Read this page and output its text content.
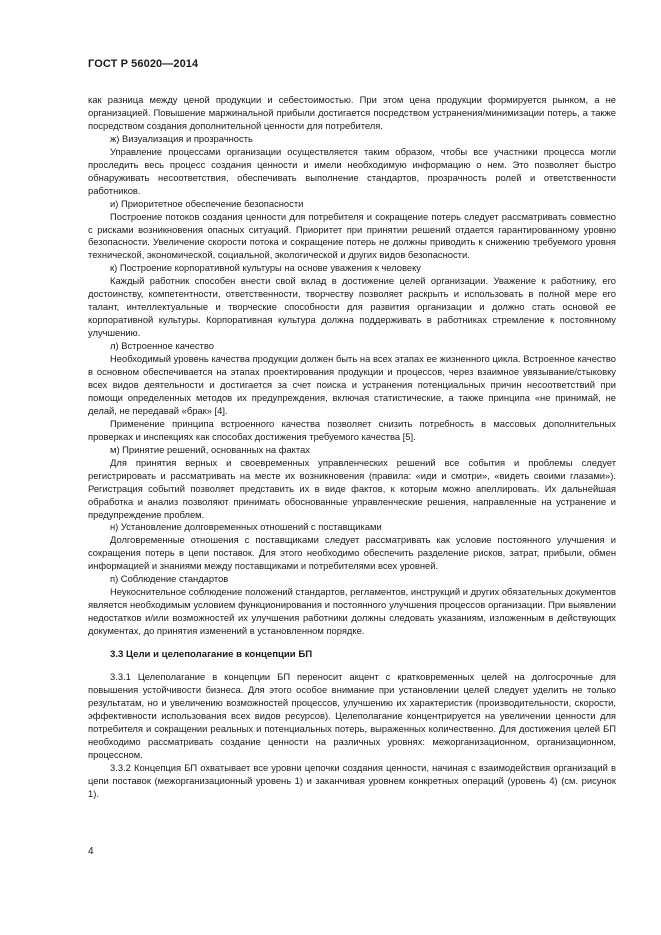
ГОСТ Р 56020—2014

как разница между ценой продукции и себестоимостью. При этом цена продукции формируется рынком, а не организацией. Повышение маржинальной прибыли достигается посредством устранения/минимизации потерь, а также посредством создания дополнительной ценности для потребителя.

ж) Визуализация и прозрачность

Управление процессами организации осуществляется таким образом, чтобы все участники процесса могли проследить весь процесс создания ценности и имели необходимую информацию о нем. Это позволяет быстро обнаруживать несоответствия, обеспечивать выполнение стандартов, прозрачность ролей и ответственности работников.

и) Приоритетное обеспечение безопасности

Построение потоков создания ценности для потребителя и сокращение потерь следует рассматривать совместно с рисками возникновения опасных ситуаций. Приоритет при принятии решений отдается гарантированному уровню безопасности. Увеличение скорости потока и сокращение потерь не должны приводить к снижению требуемого уровня технической, экономической, социальной, экологической и других видов безопасности.

к) Построение корпоративной культуры на основе уважения к человеку

Каждый работник способен внести свой вклад в достижение целей организации. Уважение к работнику, его достоинству, компетентности, ответственности, творчеству позволяет раскрыть и использовать в полной мере его талант, интеллектуальные и творческие способности для развития организации и должно стать основой ее корпоративной культуры. Корпоративная культура должна поддерживать в работниках стремление к постоянному улучшению.

л) Встроенное качество

Необходимый уровень качества продукции должен быть на всех этапах ее жизненного цикла. Встроенное качество в основном обеспечивается на этапах проектирования продукции и процессов, через взаимное увязывание/стыковку всех видов деятельности и достигается за счет поиска и устранения потенциальных причин несоответствий при помощи определенных методов их предупреждения, включая статистические, а также принципа «не принимай, не делай, не передавай «брак» [4].

Применение принципа встроенного качества позволяет снизить потребность в массовых дополнительных проверках и инспекциях как способах достижения требуемого качества [5].

м) Принятие решений, основанных на фактах

Для принятия верных и своевременных управленческих решений все события и проблемы следует регистрировать и рассматривать на месте их возникновения (правила: «иди и смотри», «видеть своими глазами»). Регистрация событий позволяет представить их в виде фактов, к которым можно апеллировать. Их дальнейшая обработка и анализ позволяют принимать обоснованные управленческие решения, направленные на устранение и предупреждение проблем.

н) Установление долговременных отношений с поставщиками

Долговременные отношения с поставщиками следует рассматривать как условие постоянного улучшения и сокращения потерь в цепи поставок. Для этого необходимо обеспечить разделение рисков, затрат, прибыли, обмен информацией и знаниями между поставщиками и потребителями всех уровней.

п) Соблюдение стандартов

Неукоснительное соблюдение положений стандартов, регламентов, инструкций и других обязательных документов является необходимым условием функционирования и постоянного улучшения процессов организации. При выявлении недостатков и/или возможностей их улучшения работники должны следовать указаниям, изложенным в действующих документах, до принятия изменений в установленном порядке.

3.3 Цели и целеполагание в концепции БП

3.3.1 Целеполагание в концепции БП переносит акцент с кратковременных целей на долгосрочные для повышения устойчивости бизнеса. Для этого особое внимание при установлении целей следует уделить не только результатам, но и увеличению возможностей процессов, улучшению их характеристик (производительности, скорости, эффективности использования всех видов ресурсов). Целеполагание концентрируется на увеличении ценности для потребителя и сокращении реальных и потенциальных потерь, выраженных количественно. Для достижения целей БП необходимо рассматривать создание ценности на различных уровнях: межорганизационном, организационном, процессном.

3.3.2 Концепция БП охватывает все уровни цепочки создания ценности, начиная с взаимодействия организаций в цепи поставок (межорганизационный уровень 1) и заканчивая уровнем конкретных операций (уровень 4) (см. рисунок 1).

4
